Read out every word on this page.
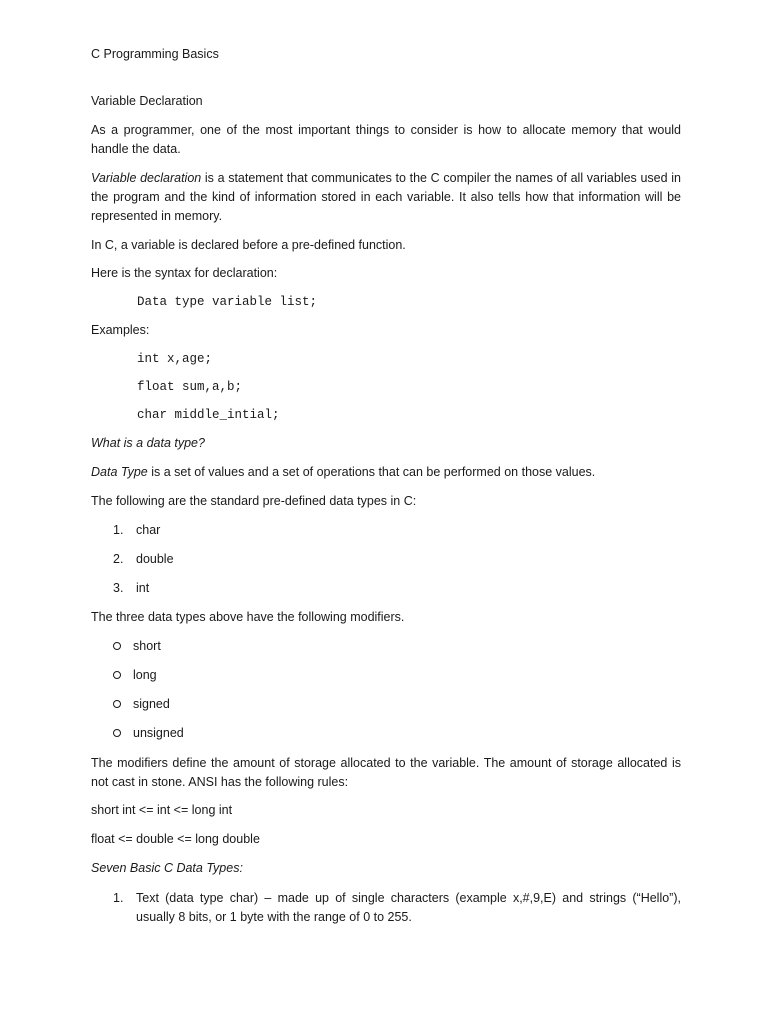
C Programming Basics
Variable Declaration
As a programmer, one of the most important things to consider is how to allocate memory that would handle the data.
Variable declaration is a statement that communicates to the C compiler the names of all variables used in the program and the kind of information stored in each variable. It also tells how that information will be represented in memory.
In C, a variable is declared before a pre-defined function.
Here is the syntax for declaration:
Data type variable list;
Examples:
int x,age;
float sum,a,b;
char middle_intial;
What is a data type?
Data Type is a set of values and a set of operations that can be performed on those values.
The following are the standard pre-defined data types in C:
1. char
2. double
3. int
The three data types above have the following modifiers.
short
long
signed
unsigned
The modifiers define the amount of storage allocated to the variable. The amount of storage allocated is not cast in stone. ANSI has the following rules:
short int <= int <= long int
float <= double <= long double
Seven Basic C Data Types:
1. Text (data type char) – made up of single characters (example x,#,9,E) and strings (“Hello”), usually 8 bits, or 1 byte with the range of 0 to 255.
